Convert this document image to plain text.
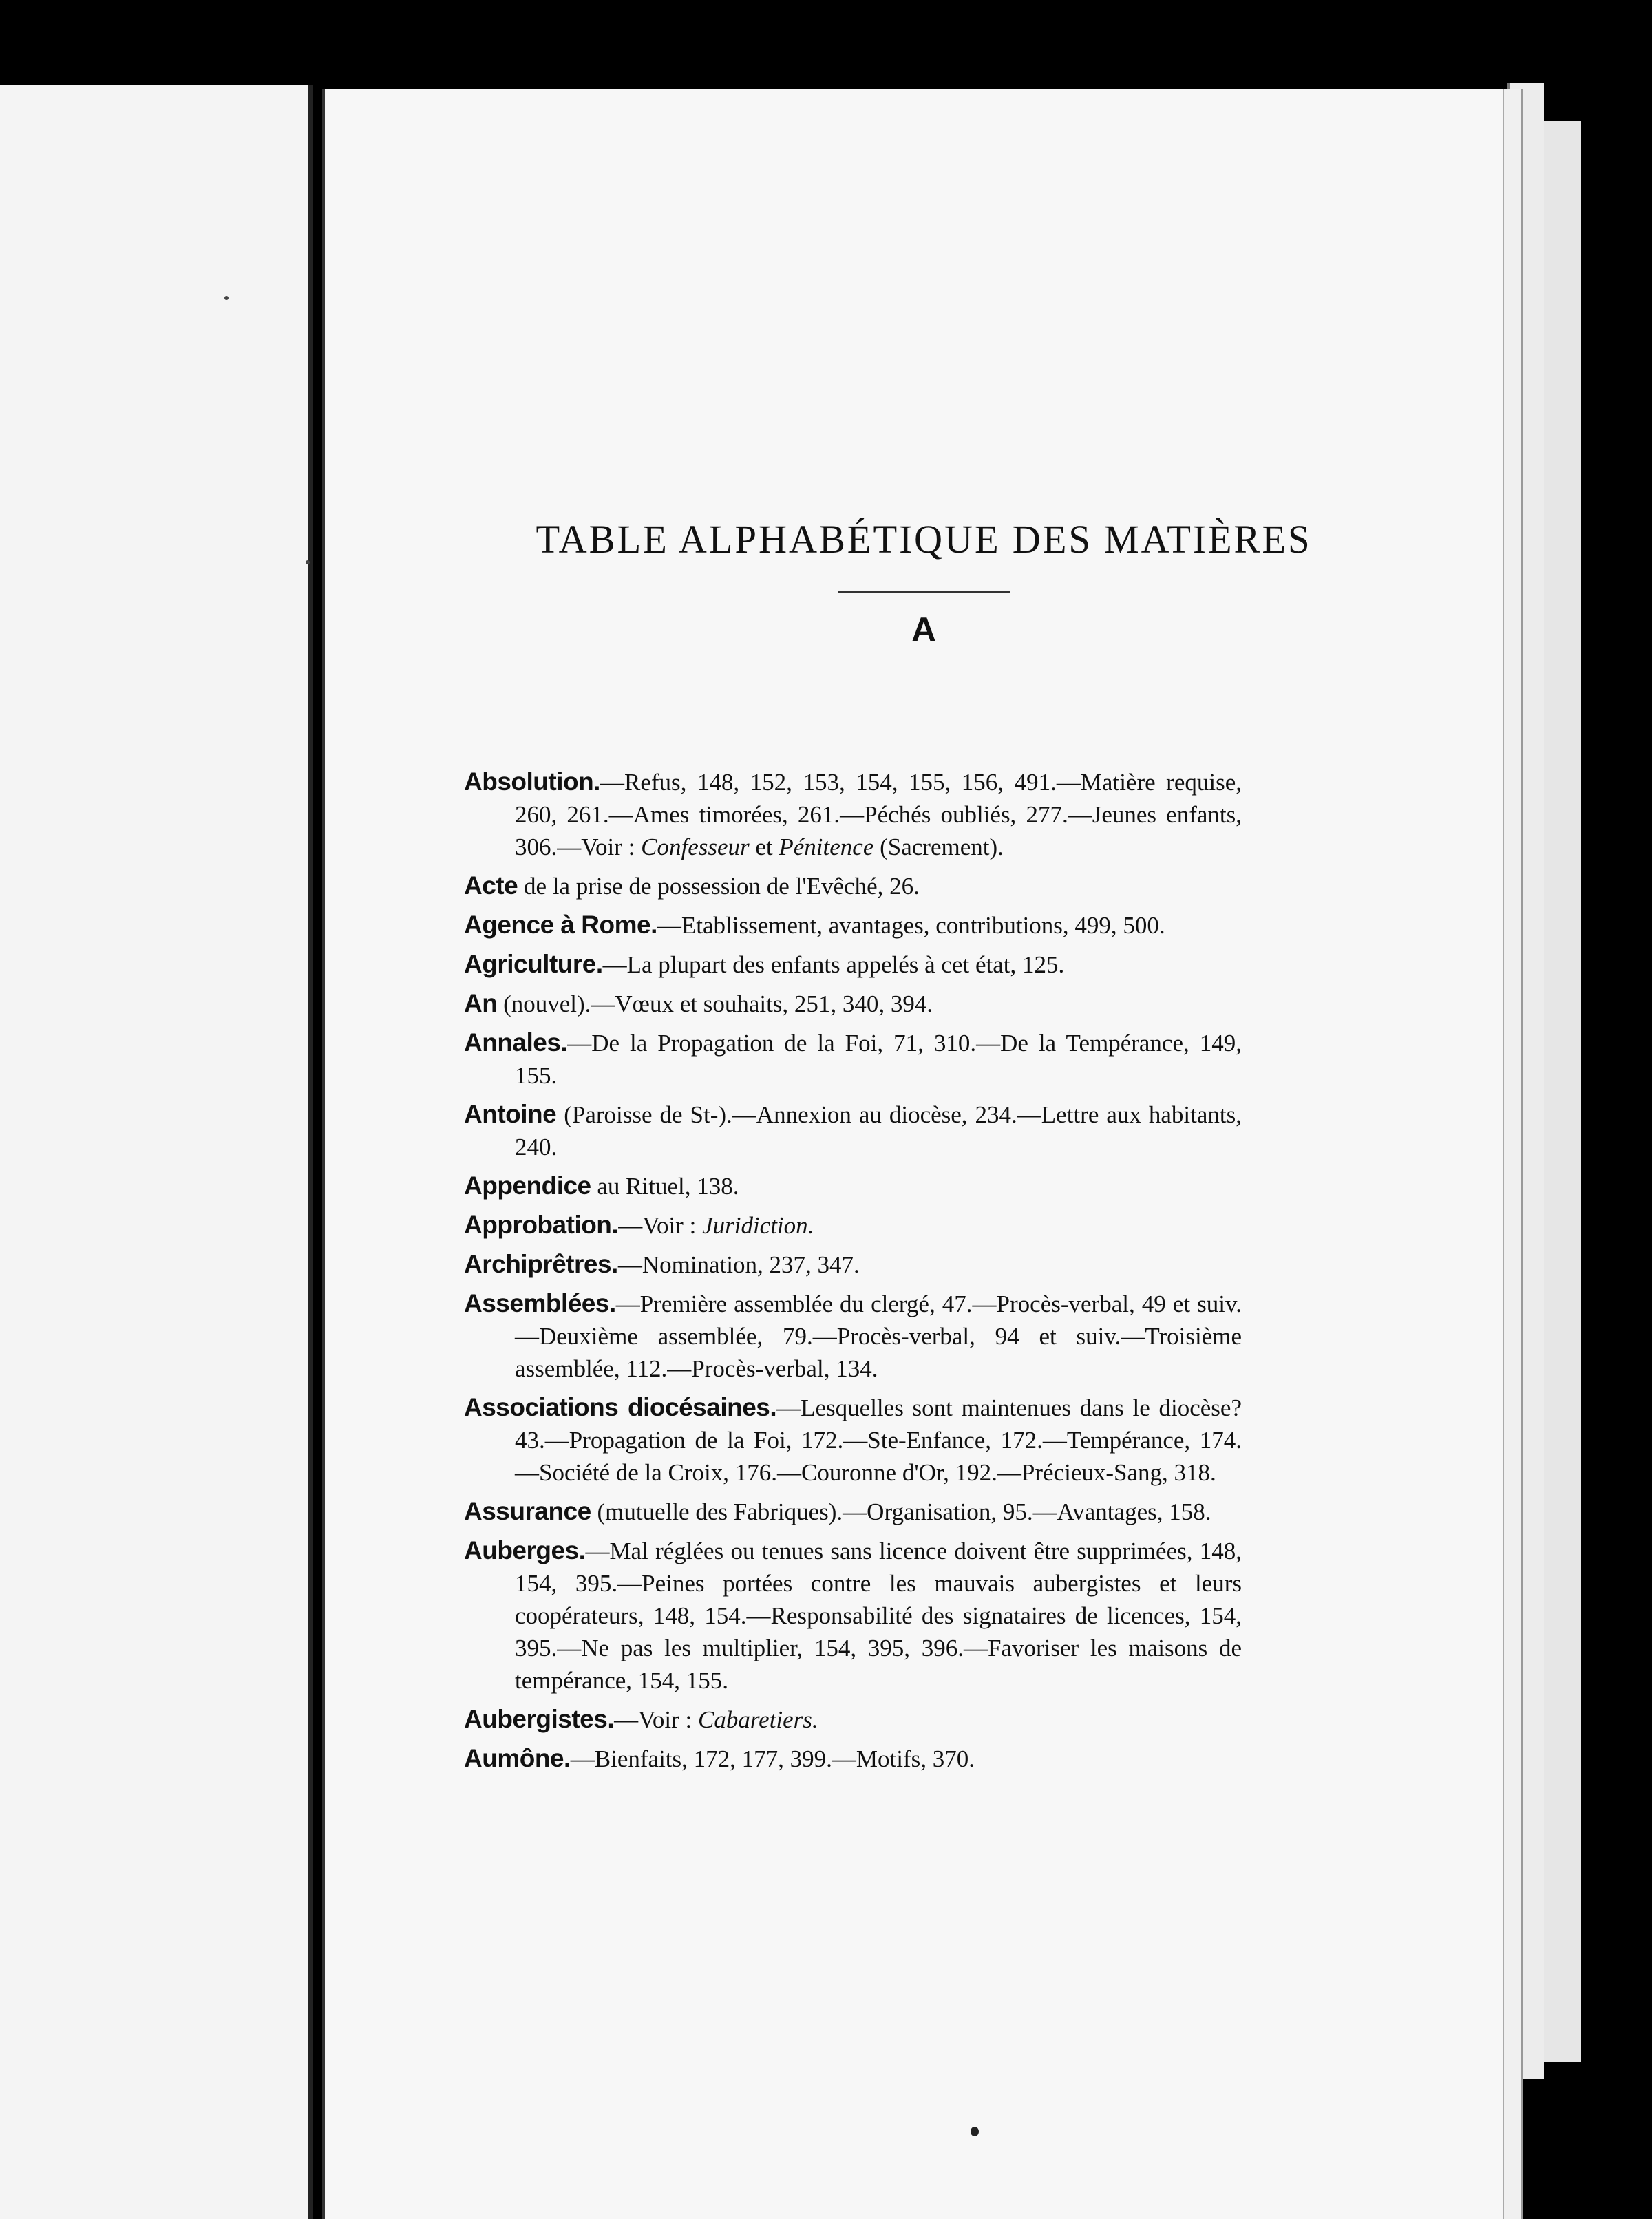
TABLE ALPHABÉTIQUE DES MATIÈRES
A
Absolution.—Refus, 148, 152, 153, 154, 155, 156, 491.—Matière requise, 260, 261.—Ames timorées, 261.—Péchés oubliés, 277.—Jeunes enfants, 306.—Voir : Confesseur et Pénitence (Sacrement).
Acte de la prise de possession de l'Evêché, 26.
Agence à Rome.—Etablissement, avantages, contributions, 499, 500.
Agriculture.—La plupart des enfants appelés à cet état, 125.
An (nouvel).—Vœux et souhaits, 251, 340, 394.
Annales.—De la Propagation de la Foi, 71, 310.—De la Tempérance, 149, 155.
Antoine (Paroisse de St-).—Annexion au diocèse, 234.—Lettre aux habitants, 240.
Appendice au Rituel, 138.
Approbation.—Voir : Juridiction.
Archiprêtres.—Nomination, 237, 347.
Assemblées.—Première assemblée du clergé, 47.—Procès-verbal, 49 et suiv.—Deuxième assemblée, 79.—Procès-verbal, 94 et suiv.—Troisième assemblée, 112.—Procès-verbal, 134.
Associations diocésaines.—Lesquelles sont maintenues dans le diocèse? 43.—Propagation de la Foi, 172.—Ste-Enfance, 172.—Tempérance, 174.—Société de la Croix, 176.—Couronne d'Or, 192.—Précieux-Sang, 318.
Assurance (mutuelle des Fabriques).—Organisation, 95.—Avantages, 158.
Auberges.—Mal réglées ou tenues sans licence doivent être supprimées, 148, 154, 395.—Peines portées contre les mauvais aubergistes et leurs coopérateurs, 148, 154.—Responsabilité des signataires de licences, 154, 395.—Ne pas les multiplier, 154, 395, 396.—Favoriser les maisons de tempérance, 154, 155.
Aubergistes.—Voir : Cabaretiers.
Aumône.—Bienfaits, 172, 177, 399.—Motifs, 370.
